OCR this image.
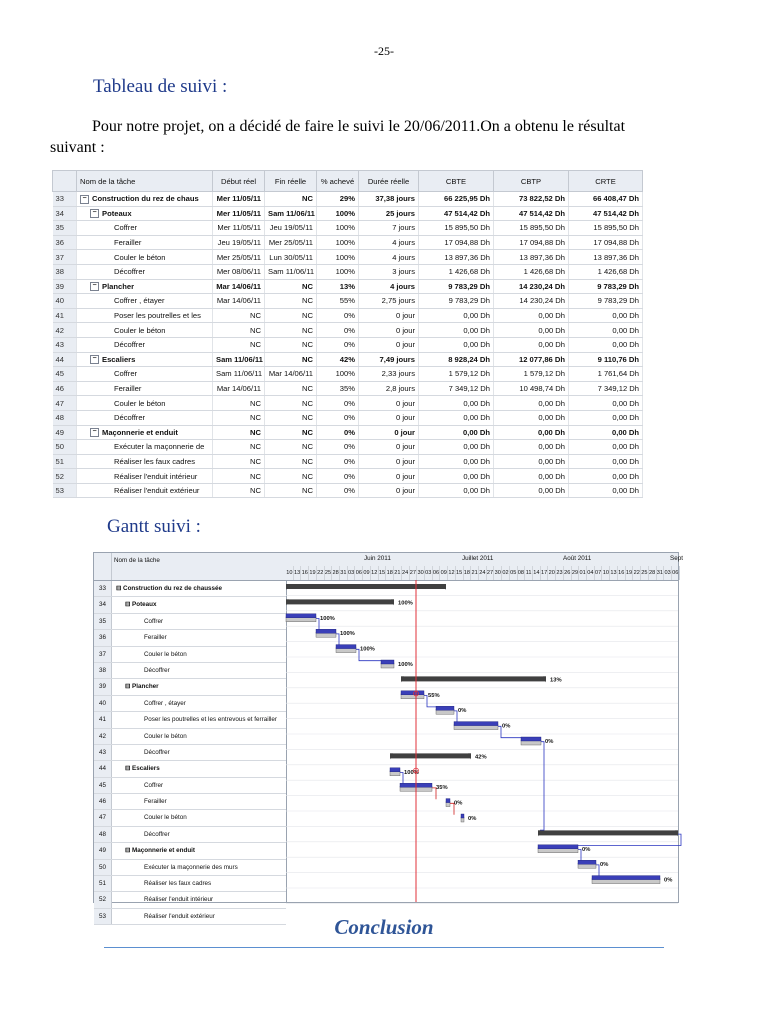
-25-
Tableau de suivi :
Pour notre projet, on a décidé de faire le suivi le 20/06/2011.On a obtenu le résultat
suivant :
	Nom de la tâche	Début réel	Fin réelle	% achevé	Durée réelle	CBTE	CBTP	CRTE
33	− Construction du rez de chaus	Mer 11/05/11	NC	29%	37,38 jours	66 225,95 Dh	73 822,52 Dh	66 408,47 Dh
34	− Poteaux	Mer 11/05/11	Sam 11/06/11	100%	25 jours	47 514,42 Dh	47 514,42 Dh	47 514,42 Dh
35	Coffrer	Mer 11/05/11	Jeu 19/05/11	100%	7 jours	15 895,50 Dh	15 895,50 Dh	15 895,50 Dh
36	Ferailler	Jeu 19/05/11	Mer 25/05/11	100%	4 jours	17 094,88 Dh	17 094,88 Dh	17 094,88 Dh
37	Couler le béton	Mer 25/05/11	Lun 30/05/11	100%	4 jours	13 897,36 Dh	13 897,36 Dh	13 897,36 Dh
38	Décoffrer	Mer 08/06/11	Sam 11/06/11	100%	3 jours	1 426,68 Dh	1 426,68 Dh	1 426,68 Dh
39	− Plancher	Mar 14/06/11	NC	13%	4 jours	9 783,29 Dh	14 230,24 Dh	9 783,29 Dh
40	Coffrer , étayer	Mar 14/06/11	NC	55%	2,75 jours	9 783,29 Dh	14 230,24 Dh	9 783,29 Dh
41	Poser les poutrelles et les	NC	NC	0%	0 jour	0,00 Dh	0,00 Dh	0,00 Dh
42	Couler le béton	NC	NC	0%	0 jour	0,00 Dh	0,00 Dh	0,00 Dh
43	Décoffrer	NC	NC	0%	0 jour	0,00 Dh	0,00 Dh	0,00 Dh
44	− Escaliers	Sam 11/06/11	NC	42%	7,49 jours	8 928,24 Dh	12 077,86 Dh	9 110,76 Dh
45	Coffrer	Sam 11/06/11	Mar 14/06/11	100%	2,33 jours	1 579,12 Dh	1 579,12 Dh	1 761,64 Dh
46	Ferailler	Mar 14/06/11	NC	35%	2,8 jours	7 349,12 Dh	10 498,74 Dh	7 349,12 Dh
47	Couler le béton	NC	NC	0%	0 jour	0,00 Dh	0,00 Dh	0,00 Dh
48	Décoffrer	NC	NC	0%	0 jour	0,00 Dh	0,00 Dh	0,00 Dh
49	− Maçonnerie et enduit	NC	NC	0%	0 jour	0,00 Dh	0,00 Dh	0,00 Dh
50	Exécuter la maçonnerie de	NC	NC	0%	0 jour	0,00 Dh	0,00 Dh	0,00 Dh
51	Réaliser les faux cadres	NC	NC	0%	0 jour	0,00 Dh	0,00 Dh	0,00 Dh
52	Réaliser l'enduit intérieur	NC	NC	0%	0 jour	0,00 Dh	0,00 Dh	0,00 Dh
53	Réaliser l'enduit extérieur	NC	NC	0%	0 jour	0,00 Dh	0,00 Dh	0,00 Dh
Gantt suivi :
Nom de la tâche
33	⊟ Construction du rez de chaussée
34	⊟ Poteaux
35	Coffrer
36	Ferailler
37	Couler le béton
38	Décoffrer
39	⊟ Plancher
40	Coffrer , étayer
41	Poser les poutrelles et les entrevous et ferrailler
42	Couler le béton
43	Décoffrer
44	⊟ Escaliers
45	Coffrer
46	Ferailler
47	Couler le béton
48	Décoffrer
49	⊟ Maçonnerie et enduit
50	Exécuter la maçonnerie des murs
51	Réaliser les faux cadres
52	Réaliser l'enduit intérieur
53	Réaliser l'enduit extérieur
Juin 2011	Juillet 2011	Août 2011	Sept
10131619222528310306091215182124273003060912151821242730020508 11 14172023262901040710131619222528310306
100%
100%
100%
100%
100%
13%
55%
0%
0%
0%
42%
100%
35%
0%
0%
0%
0%
0%
Conclusion
